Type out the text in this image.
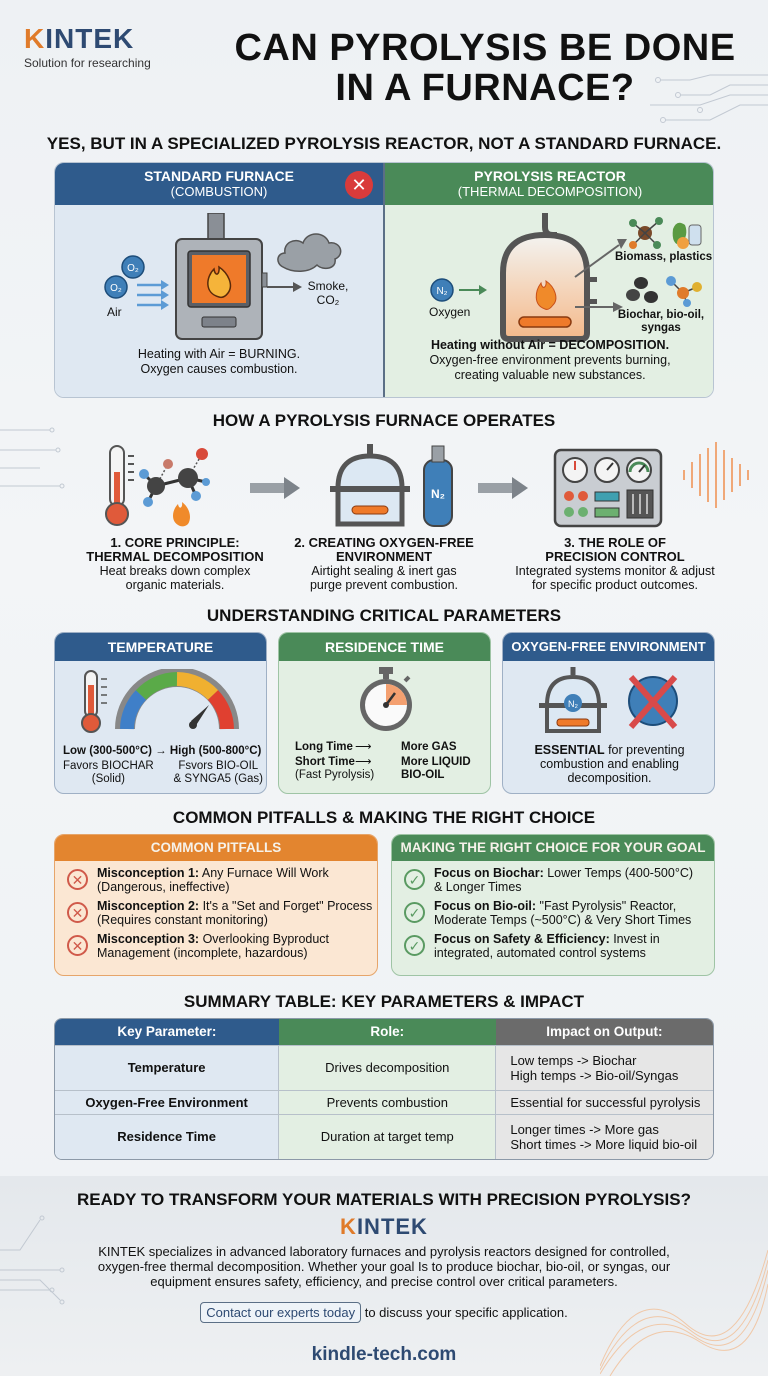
KINTEK
Solution for researching	CAN PYROLYSIS BE DONE
IN A FURNACE?
YES, BUT IN A SPECIALIZED PYROLYSIS REACTOR, NOT A STANDARD FURNACE.
STANDARD FURNACE
(COMBUSTION)	✕
O₂
O₂
Air
Smoke,
CO₂
Heating with Air = BURNING.
Oxygen causes combustion.
PYROLYSIS REACTOR
(THERMAL DECOMPOSITION)
N₂
Oxygen
Biomass, plastics
Biochar, bio-oil,
syngas
Heating without Air = DECOMPOSITION.
Oxygen-free environment prevents burning,
creating valuable new substances.
HOW A PYROLYSIS FURNACE OPERATES
N₂
1. CORE PRINCIPLE:
THERMAL DECOMPOSITION
Heat breaks down complex
organic materials.
2. CREATING OXYGEN-FREE
ENVIRONMENT
Airtight sealing & inert gas
purge prevent combustion.
3. THE ROLE OF
PRECISION CONTROL
Integrated systems monitor & adjust
for specific product outcomes.
UNDERSTANDING CRITICAL PARAMETERS
TEMPERATURE
Low (300-500°C) → High (500-800°C)
Favors BIOCHAR
(Solid)
Fsvors BIO-OIL
& SYNGA5 (Gas)
RESIDENCE TIME
Long Time ⟶	More GAS
Short Time ⟶	More LIQUID
(Fast Pyrolysis)	BIO-OIL
OXYGEN-FREE ENVIRONMENT
N₂
ESSENTIAL for preventing
combustion and enabling
decomposition.
COMMON PITFALLS & MAKING THE RIGHT CHOICE
COMMON PITFALLS
✕	Misconception 1: Any Furnace Will Work
(Dangerous, ineffective)
✕	Misconception 2: It's a "Set and Forget" Process
(Requires constant monitoring)
✕	Misconception 3: Overlooking Byproduct
Management (incomplete, hazardous)
MAKING THE RIGHT CHOICE FOR YOUR GOAL
✓	Focus on Biochar: Lower Temps (400-500°C)
& Longer Times
✓	Focus on Bio-oil: "Fast Pyrolysis" Reactor,
Moderate Temps (~500°C) & Very Short Times
✓	Focus on Safety & Efficiency: Invest in
integrated, automated control systems
SUMMARY TABLE: KEY PARAMETERS & IMPACT
Key Parameter:	Role:	Impact on Output:
Temperature	Drives decomposition	Low temps -> Biochar
High temps -> Bio-oil/Syngas

Oxygen-Free Environment	Prevents combustion	Essential for successful pyrolysis

Residence Time	Duration at target temp	Longer times -> More gas
Short times -> More liquid bio-oil
READY TO TRANSFORM YOUR MATERIALS WITH PRECISION PYROLYSIS?
KINTEK
KINTEK specializes in advanced laboratory furnaces and pyrolysis reactors designed for controlled,
oxygen-free thermal decomposition. Whether your goal Is to produce biochar, bio-oil, or syngas, our
equipment ensures safety, efficiency, and precise control over critical parameters.
Contact our experts today to discuss your specific application.
kindle-tech.com
